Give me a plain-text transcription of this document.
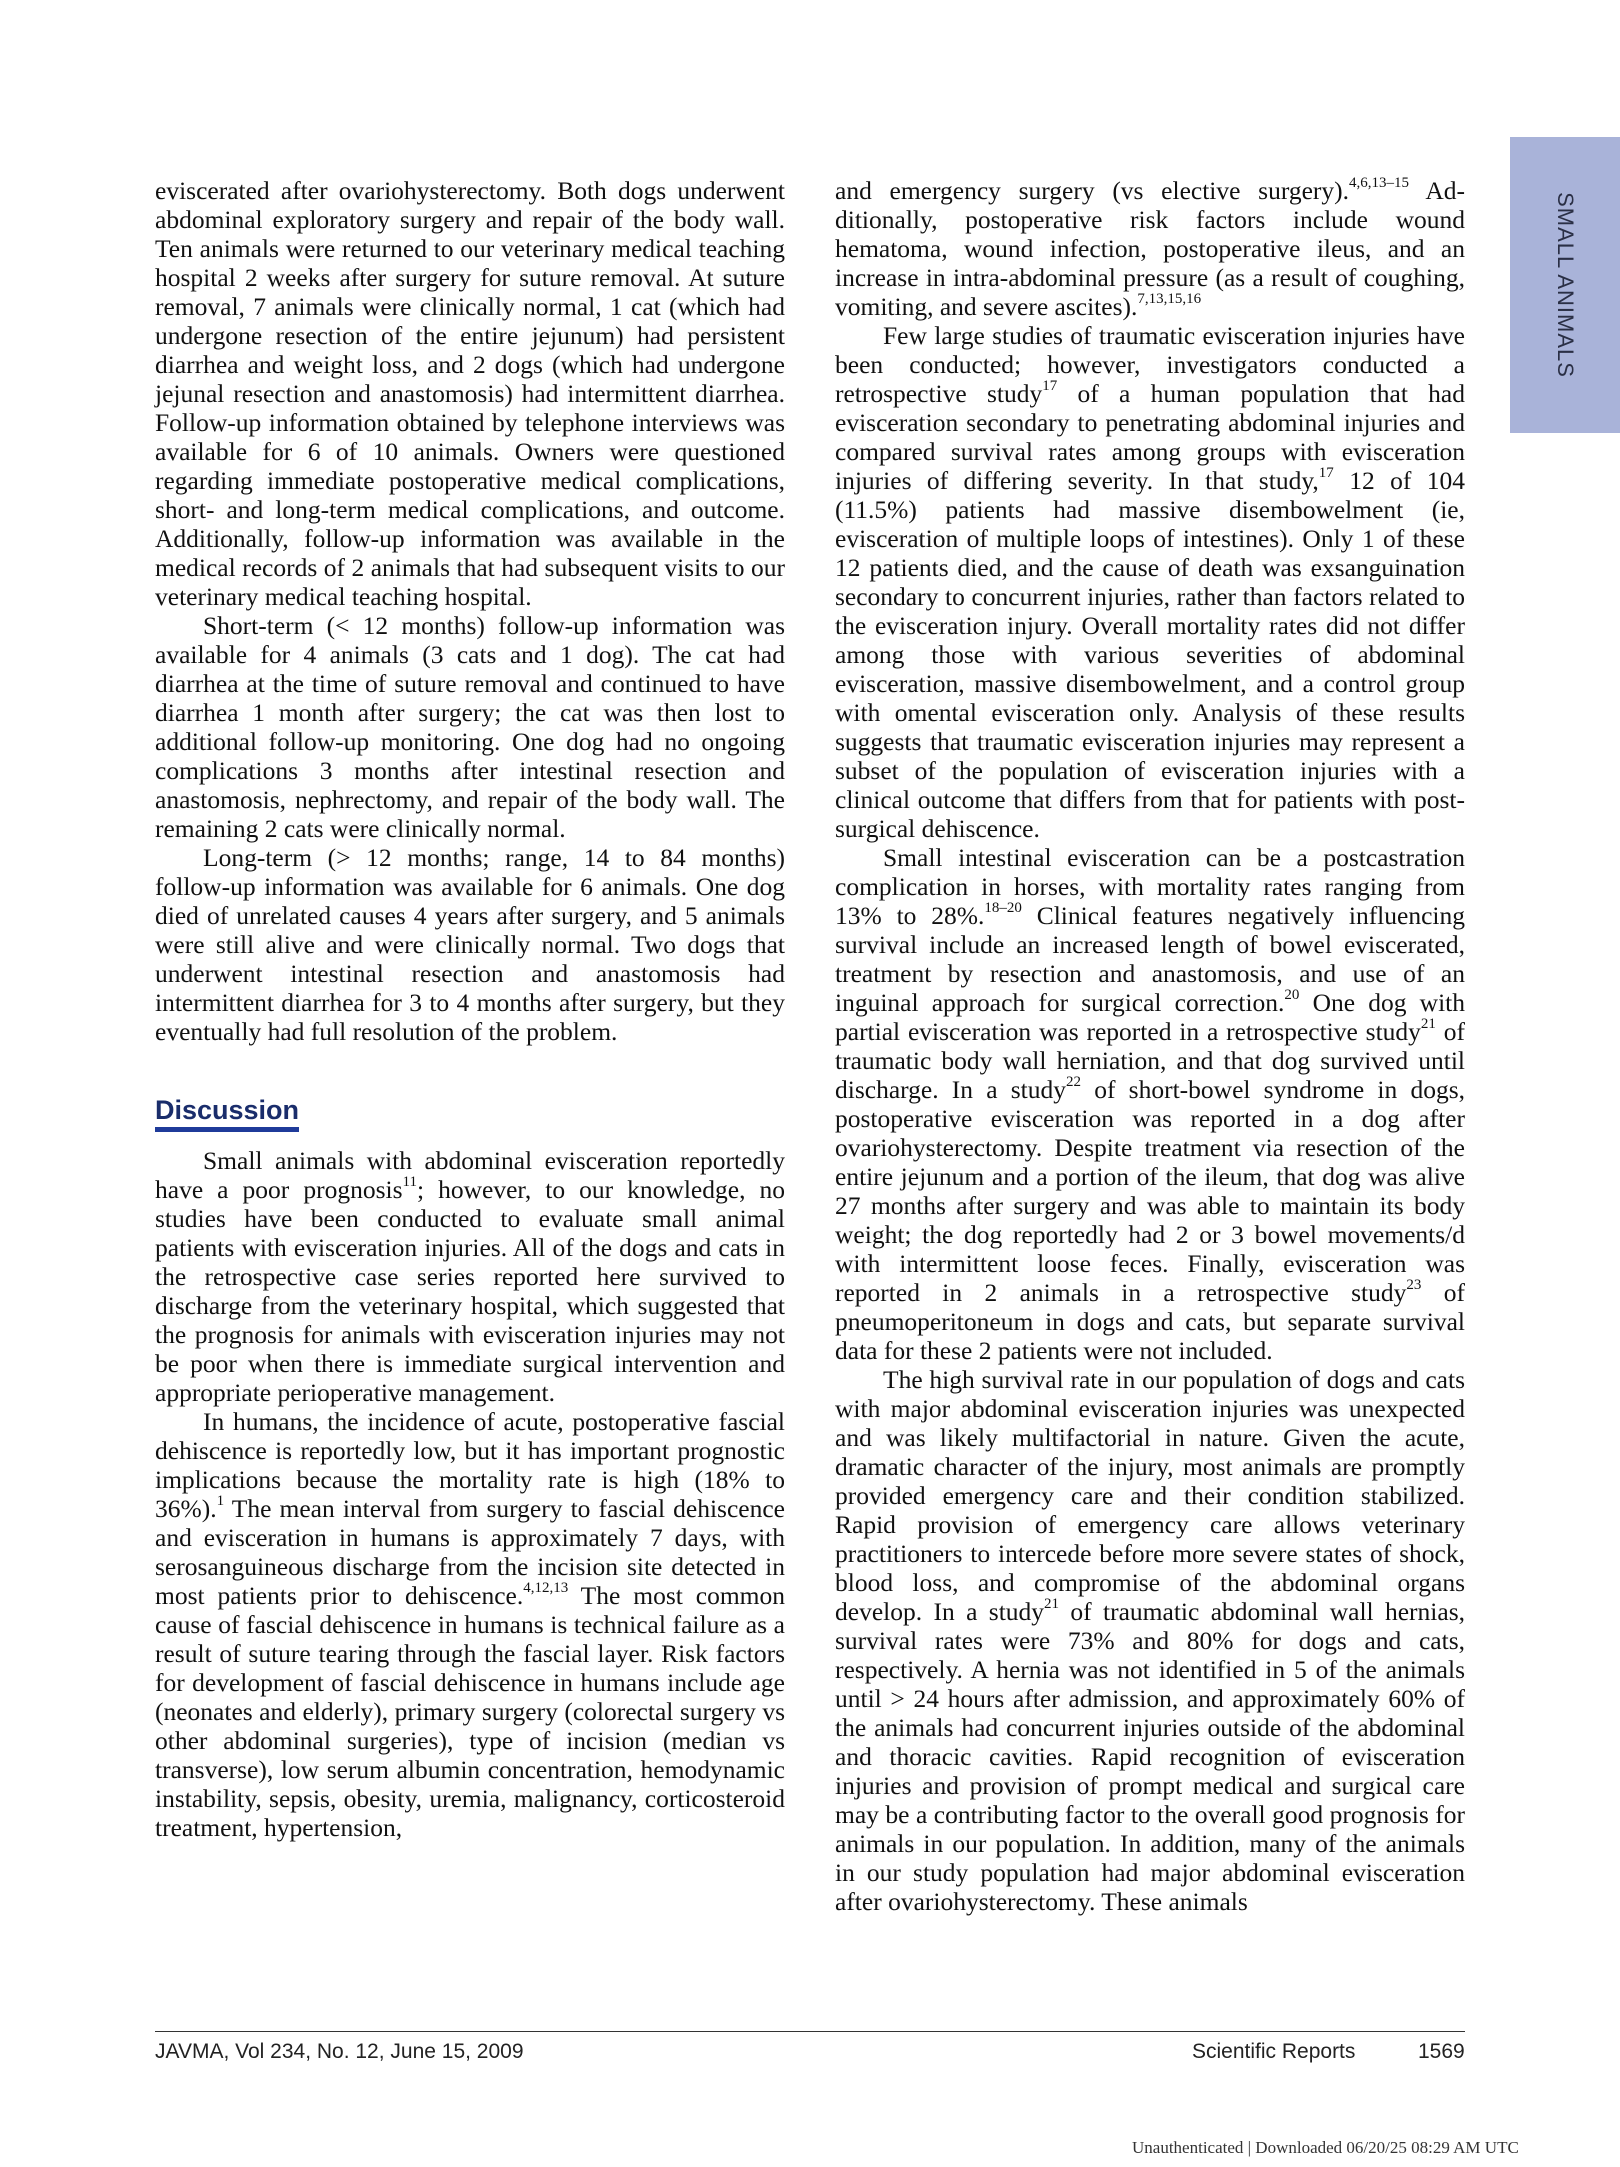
SMALL ANIMALS

eviscerated after ovariohysterectomy. Both dogs underwent abdominal exploratory surgery and repair of the body wall. Ten animals were returned to our veterinary medical teaching hospital 2 weeks after surgery for suture removal. At suture removal, 7 animals were clinically normal, 1 cat (which had undergone resection of the entire jejunum) had persistent diarrhea and weight loss, and 2 dogs (which had undergone jejunal resection and anastomosis) had intermittent diarrhea. Follow-up information obtained by telephone interviews was available for 6 of 10 animals. Owners were questioned regarding immediate postoperative medical complications, short- and long-term medical complications, and outcome. Additionally, follow-up information was available in the medical records of 2 animals that had subsequent visits to our veterinary medical teaching hospital.

Short-term (< 12 months) follow-up information was available for 4 animals (3 cats and 1 dog). The cat had diarrhea at the time of suture removal and continued to have diarrhea 1 month after surgery; the cat was then lost to additional follow-up monitoring. One dog had no ongoing complications 3 months after intestinal resection and anastomosis, nephrectomy, and repair of the body wall. The remaining 2 cats were clinically normal.

Long-term (> 12 months; range, 14 to 84 months) follow-up information was available for 6 animals. One dog died of unrelated causes 4 years after surgery, and 5 animals were still alive and were clinically normal. Two dogs that underwent intestinal resection and anastomosis had intermittent diarrhea for 3 to 4 months after surgery, but they eventually had full resolution of the problem.

Discussion

Small animals with abdominal evisceration reportedly have a poor prognosis$^{11}$; however, to our knowledge, no studies have been conducted to evaluate small animal patients with evisceration injuries. All of the dogs and cats in the retrospective case series reported here survived to discharge from the veterinary hospital, which suggested that the prognosis for animals with evisceration injuries may not be poor when there is immediate surgical intervention and appropriate perioperative management.

In humans, the incidence of acute, postoperative fascial dehiscence is reportedly low, but it has important prognostic implications because the mortality rate is high (18% to 36%).$^1$ The mean interval from surgery to fascial dehiscence and evisceration in humans is approximately 7 days, with serosanguineous discharge from the incision site detected in most patients prior to dehiscence.$^{4,12,13}$ The most common cause of fascial dehiscence in humans is technical failure as a result of suture tearing through the fascial layer. Risk factors for development of fascial dehiscence in humans include age (neonates and elderly), primary surgery (colorectal surgery vs other abdominal surgeries), type of incision (median vs transverse), low serum albumin concentration, hemodynamic instability, sepsis, obesity, uremia, malignancy, corticosteroid treatment, hypertension,

and emergency surgery (vs elective surgery).$^{4,6,13-15}$ Additionally, postoperative risk factors include wound hematoma, wound infection, postoperative ileus, and an increase in intra-abdominal pressure (as a result of coughing, vomiting, and severe ascites).$^{7,13,15,16}$

Few large studies of traumatic evisceration injuries have been conducted; however, investigators conducted a retrospective study$^{17}$ of a human population that had evisceration secondary to penetrating abdominal injuries and compared survival rates among groups with evisceration injuries of differing severity. In that study,$^{17}$ 12 of 104 (11.5%) patients had massive disembowelment (ie, evisceration of multiple loops of intestines). Only 1 of these 12 patients died, and the cause of death was exsanguination secondary to concurrent injuries, rather than factors related to the evisceration injury. Overall mortality rates did not differ among those with various severities of abdominal evisceration, massive disembowelment, and a control group with omental evisceration only. Analysis of these results suggests that traumatic evisceration injuries may represent a subset of the population of evisceration injuries with a clinical outcome that differs from that for patients with postsurgical dehiscence.

Small intestinal evisceration can be a postcastration complication in horses, with mortality rates ranging from 13% to 28%.$^{18-20}$ Clinical features negatively influencing survival include an increased length of bowel eviscerated, treatment by resection and anastomosis, and use of an inguinal approach for surgical correction.$^{20}$ One dog with partial evisceration was reported in a retrospective study$^{21}$ of traumatic body wall herniation, and that dog survived until discharge. In a study$^{22}$ of short-bowel syndrome in dogs, postoperative evisceration was reported in a dog after ovariohysterectomy. Despite treatment via resection of the entire jejunum and a portion of the ileum, that dog was alive 27 months after surgery and was able to maintain its body weight; the dog reportedly had 2 or 3 bowel movements/d with intermittent loose feces. Finally, evisceration was reported in 2 animals in a retrospective study$^{23}$ of pneumoperitoneum in dogs and cats, but separate survival data for these 2 patients were not included.

The high survival rate in our population of dogs and cats with major abdominal evisceration injuries was unexpected and was likely multifactorial in nature. Given the acute, dramatic character of the injury, most animals are promptly provided emergency care and their condition stabilized. Rapid provision of emergency care allows veterinary practitioners to intercede before more severe states of shock, blood loss, and compromise of the abdominal organs develop. In a study$^{21}$ of traumatic abdominal wall hernias, survival rates were 73% and 80% for dogs and cats, respectively. A hernia was not identified in 5 of the animals until > 24 hours after admission, and approximately 60% of the animals had concurrent injuries outside of the abdominal and thoracic cavities. Rapid recognition of evisceration injuries and provision of prompt medical and surgical care may be a contributing factor to the overall good prognosis for animals in our population. In addition, many of the animals in our study population had major abdominal evisceration after ovariohysterectomy. These animals

JAVMA, Vol 234, No. 12, June 15, 2009	Scientific Reports	1569
Unauthenticated | Downloaded 06/20/25 08:29 AM UTC
